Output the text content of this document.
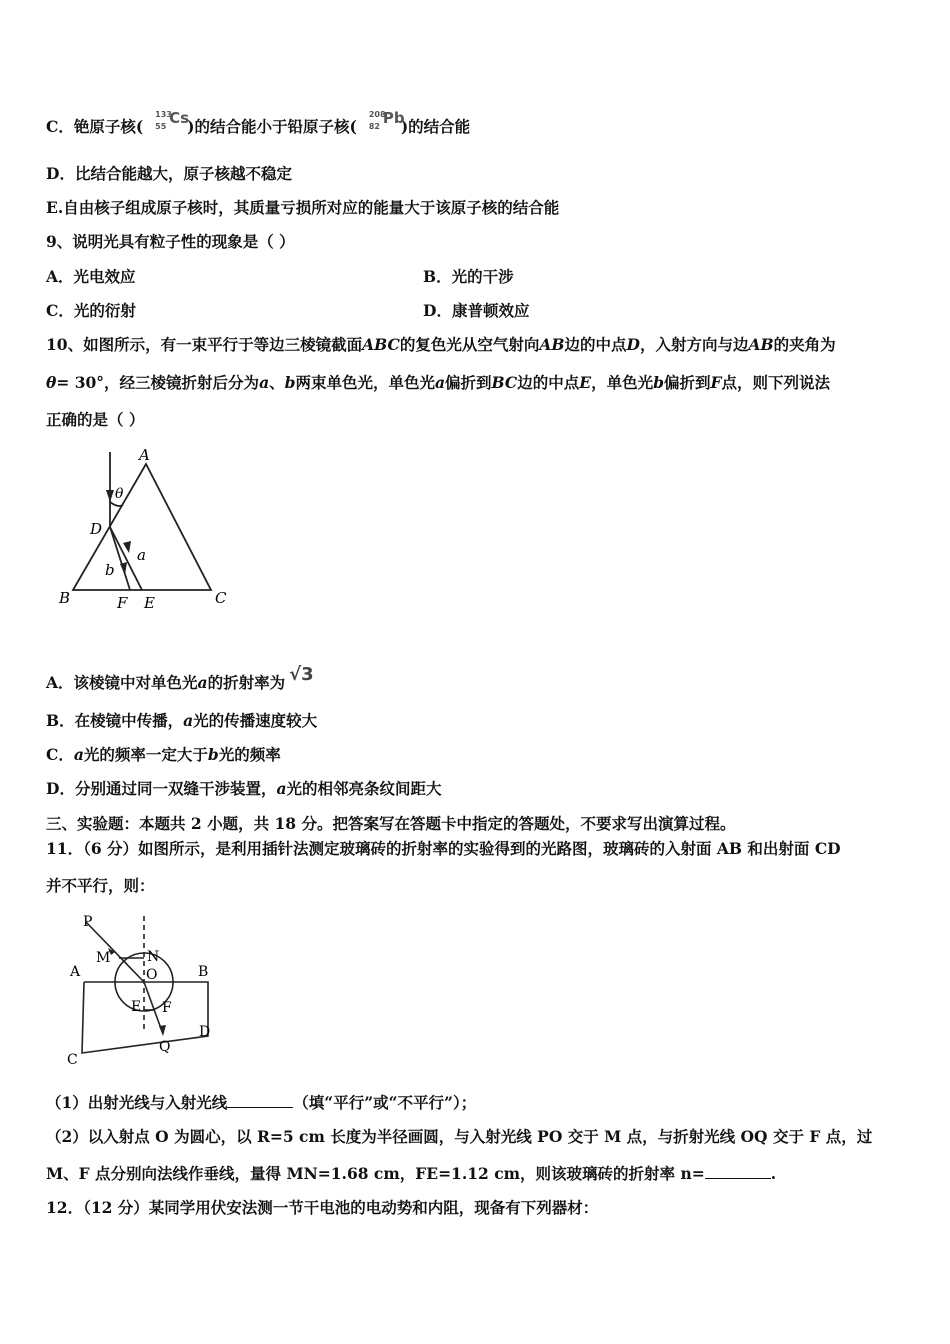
C．铯原子核(
133
55 Cs
)的结合能小于铅原子核(
208
82 Pb
)的结合能
D．比结合能越大，原子核越不稳定
E.自由核子组成原子核时，其质量亏损所对应的能量大于该原子核的结合能
9、说明光具有粒子性的现象是（ ）
A．光电效应	B．光的干涉
C．光的衍射	D．康普顿效应
10、如图所示，有一束平行于等边三棱镜截面ABC的复色光从空气射向AB边的中点D，入射方向与边AB的夹角为
θ= 30°，经三棱镜折射后分为a、b两束单色光，单色光a偏折到BC边的中点E，单色光b偏折到F点，则下列说法
正确的是（ ）
A
θ
D
a
b
B	F E	C
A．该棱镜中对单色光a的折射率为 √3
B．在棱镜中传播，a光的传播速度较大
C．a光的频率一定大于b光的频率
D．分别通过同一双缝干涉装置，a光的相邻亮条纹间距大
三、实验题：本题共 2 小题，共 18 分。把答案写在答题卡中指定的答题处，不要求写出演算过程。
11．（6 分）如图所示，是利用插针法测定玻璃砖的折射率的实验得到的光路图，玻璃砖的入射面 AB 和出射面 CD
并不平行，则：
P
M	N
O
A	B
E F
D
C
Q
（1）出射光线与入射光线	（填“平行”或“不平行”）；
（2）以入射点 O 为圆心，以 R=5 cm 长度为半径画圆，与入射光线 PO 交于 M 点，与折射光线 OQ 交于 F 点，过
M、F 点分别向法线作垂线，量得 MN=1.68 cm，FE=1.12 cm，则该玻璃砖的折射率 n=	.
12．（12 分）某同学用伏安法测一节干电池的电动势和内阻，现备有下列器材：
